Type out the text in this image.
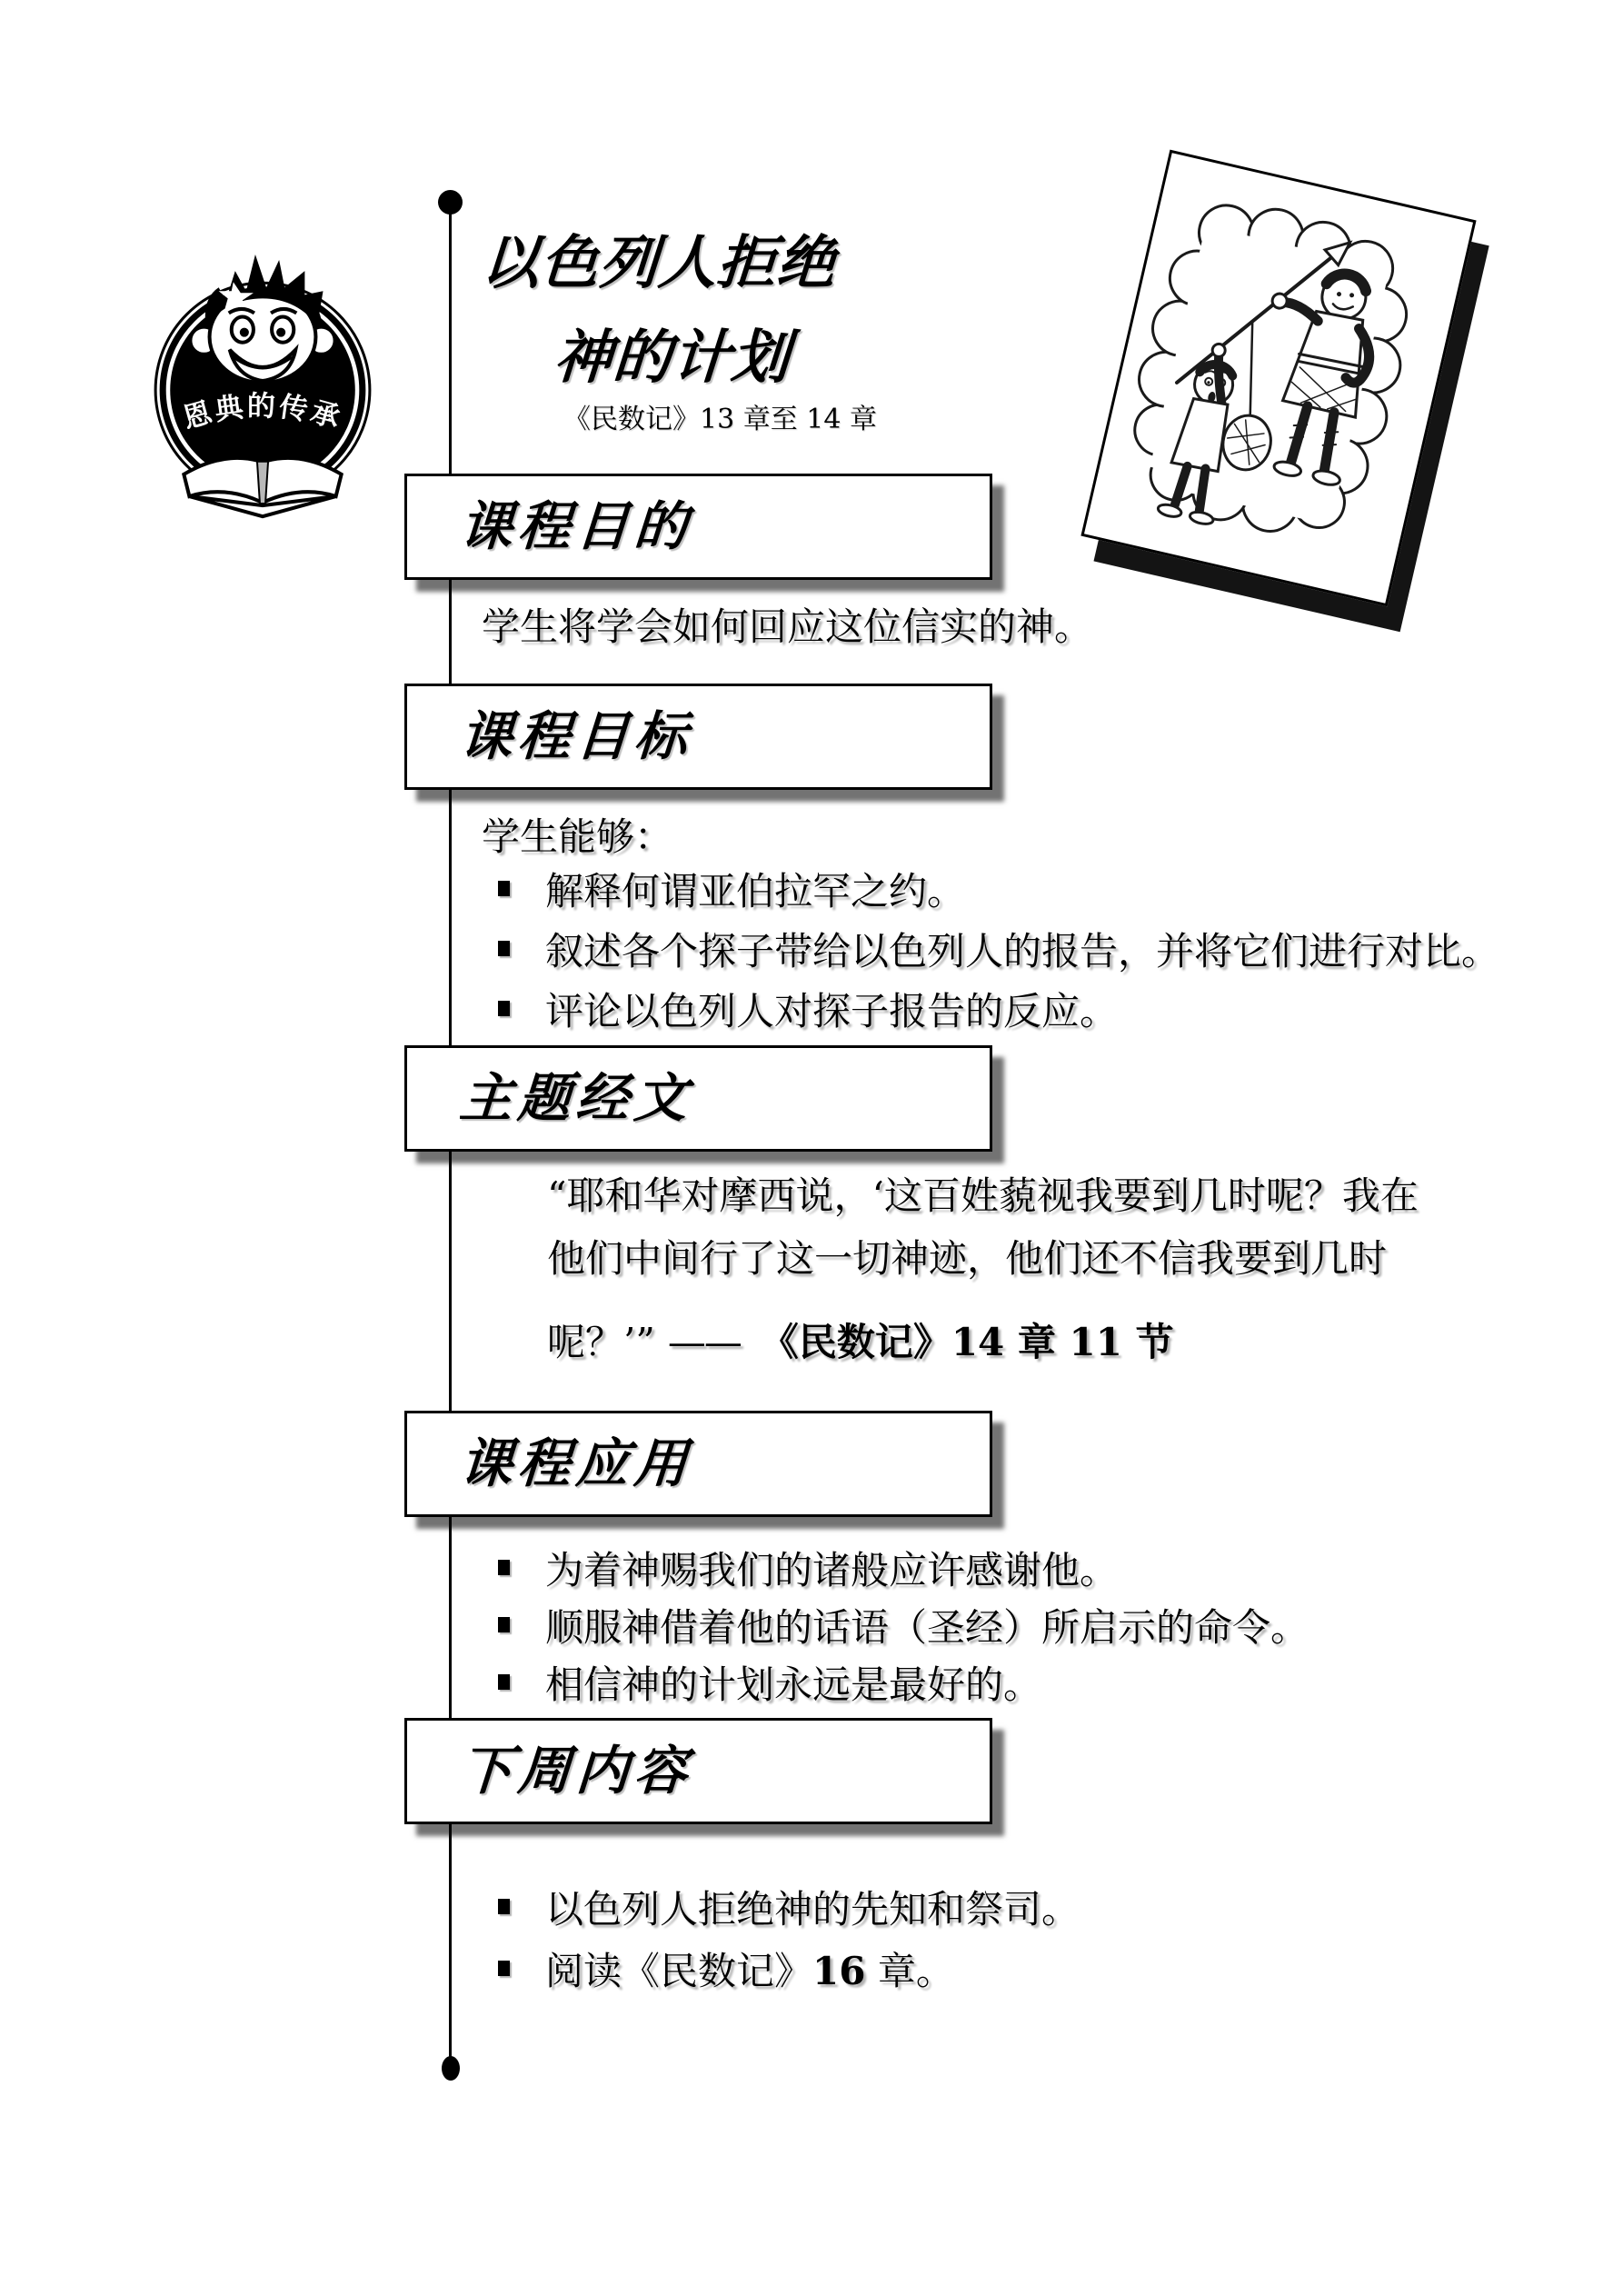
恩典的传承
以色列人拒绝
神的计划
《民数记》13 章至 14 章
课程目的
学生将学会如何回应这位信实的神。
课程目标
学生能够：
解释何谓亚伯拉罕之约。
叙述各个探子带给以色列人的报告，并将它们进行对比。
评论以色列人对探子报告的反应。
主题经文
“耶和华对摩西说，‘这百姓藐视我要到几时呢？我在
他们中间行了这一切神迹，他们还不信我要到几时
呢？’” —— 《民数记》14 章 11 节
课程应用
为着神赐我们的诸般应许感谢他。
顺服神借着他的话语（圣经）所启示的命令。
相信神的计划永远是最好的。
下周内容
以色列人拒绝神的先知和祭司。
阅读《民数记》16 章。
